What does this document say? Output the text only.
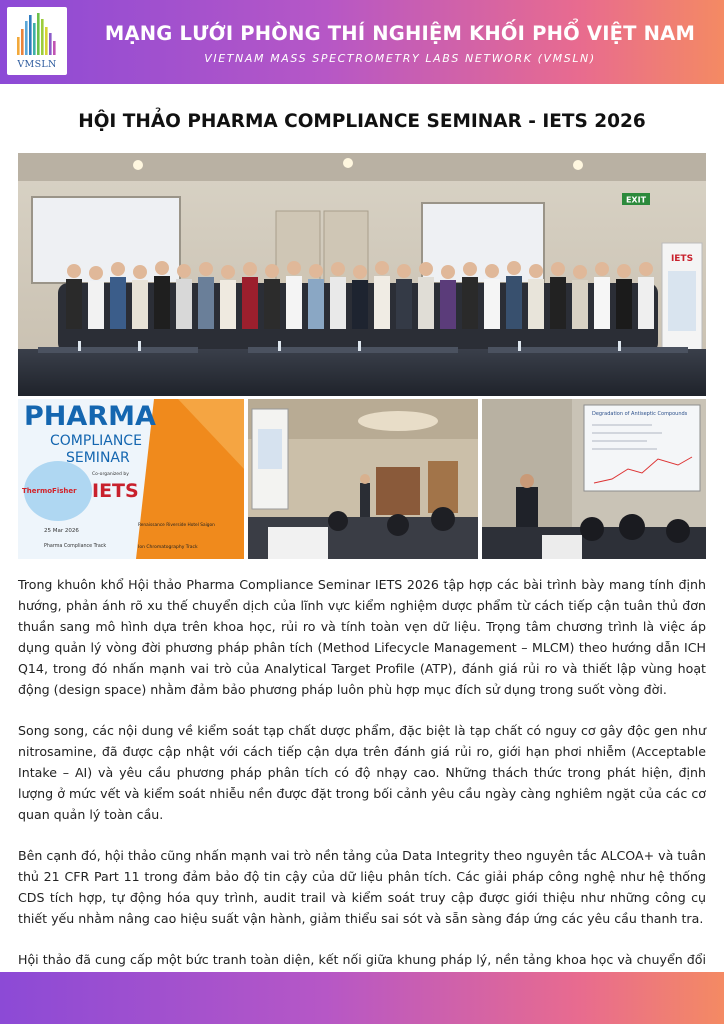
VMSLN
MẠNG LƯỚI PHÒNG THÍ NGHIỆM KHỐI PHỔ VIỆT NAM
VIETNAM MASS SPECTROMETRY LABS NETWORK (VMSLN)
HỘI THẢO PHARMA COMPLIANCE SEMINAR - IETS 2026
EXIT
IETS
PHARMA
COMPLIANCE
SEMINAR
Co-organized by
ThermoFisher IETS
25 Mar 2026
Renaissance Riverside Hotel Saigon
Pharma Compliance Track	Ion Chromatography Track
Degradation of Antiseptic Compounds

Trong khuôn khổ Hội thảo Pharma Compliance Seminar IETS 2026 tập hợp các bài trình bày mang tính định hướng, phản ánh rõ xu thế chuyển dịch của lĩnh vực kiểm nghiệm dược phẩm từ cách tiếp cận tuân thủ đơn thuần sang mô hình dựa trên khoa học, rủi ro và tính toàn vẹn dữ liệu. Trọng tâm chương trình là việc áp dụng quản lý vòng đời phương pháp phân tích (Method Lifecycle Management – MLCM) theo hướng dẫn ICH Q14, trong đó nhấn mạnh vai trò của Analytical Target Profile (ATP), đánh giá rủi ro và thiết lập vùng hoạt động (design space) nhằm đảm bảo phương pháp luôn phù hợp mục đích sử dụng trong suốt vòng đời.

Song song, các nội dung về kiểm soát tạp chất dược phẩm, đặc biệt là tạp chất có nguy cơ gây độc gen như nitrosamine, đã được cập nhật với cách tiếp cận dựa trên đánh giá rủi ro, giới hạn phơi nhiễm (Acceptable Intake – AI) và yêu cầu phương pháp phân tích có độ nhạy cao. Những thách thức trong phát hiện, định lượng ở mức vết và kiểm soát nhiễu nền được đặt trong bối cảnh yêu cầu ngày càng nghiêm ngặt của các cơ quan quản lý toàn cầu.

Bên cạnh đó, hội thảo cũng nhấn mạnh vai trò nền tảng của Data Integrity theo nguyên tắc ALCOA+ và tuân thủ 21 CFR Part 11 trong đảm bảo độ tin cậy của dữ liệu phân tích. Các giải pháp công nghệ như hệ thống CDS tích hợp, tự động hóa quy trình, audit trail và kiểm soát truy cập được giới thiệu như những công cụ thiết yếu nhằm nâng cao hiệu suất vận hành, giảm thiểu sai sót và sẵn sàng đáp ứng các yêu cầu thanh tra.

Hội thảo đã cung cấp một bức tranh toàn diện, kết nối giữa khung pháp lý, nền tảng khoa học và chuyển đổi
